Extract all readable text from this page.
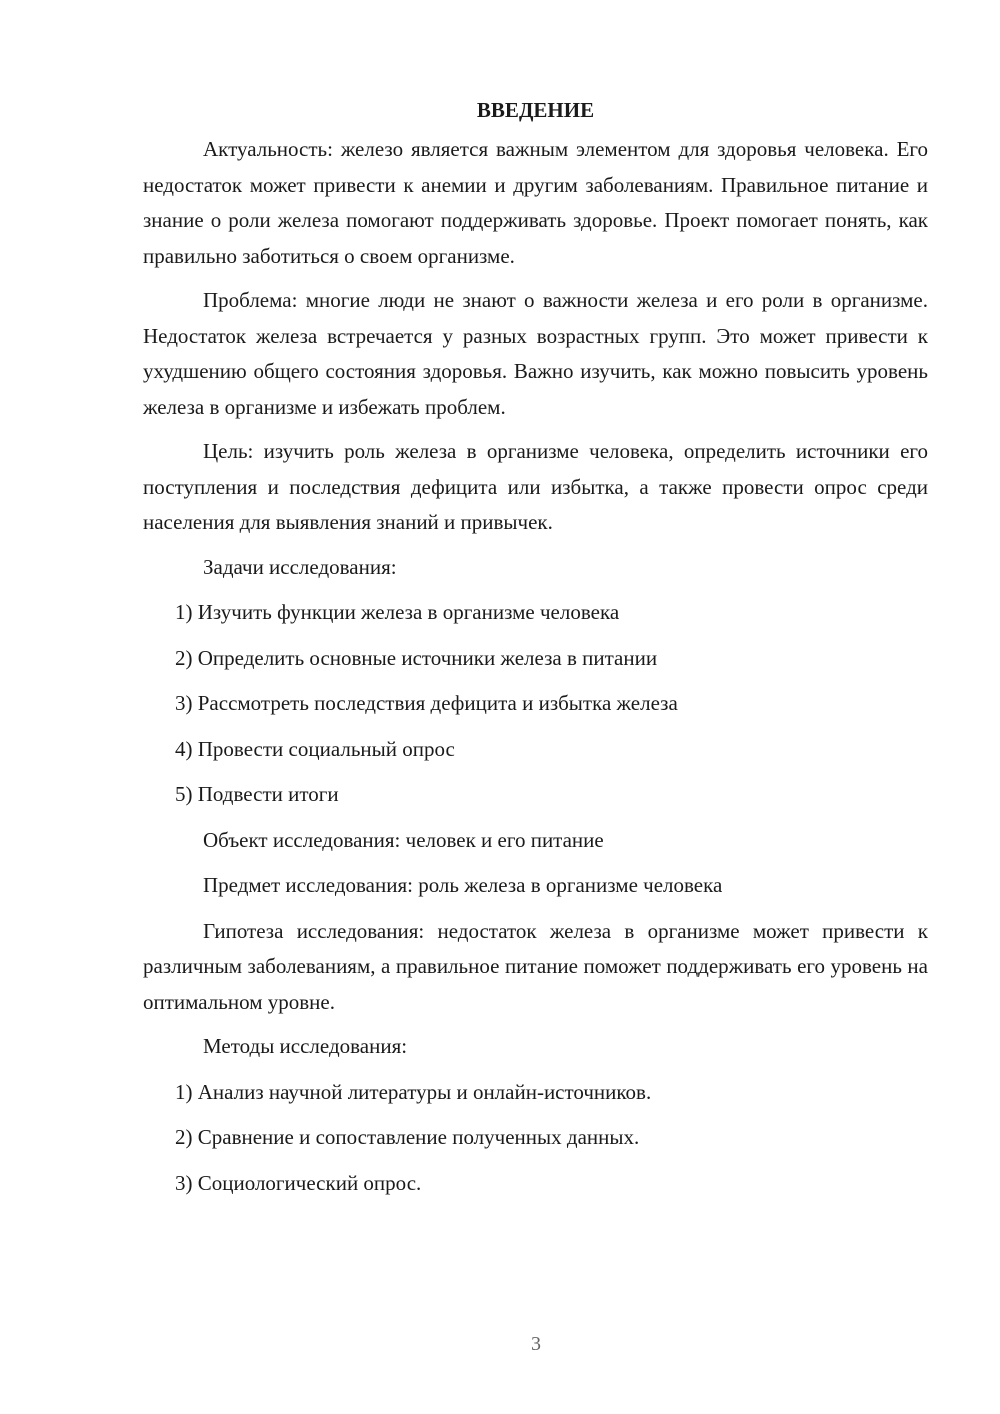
ВВЕДЕНИЕ

Актуальность: железо является важным элементом для здоровья человека. Его недостаток может привести к анемии и другим заболеваниям. Правильное питание и знание о роли железа помогают поддерживать здоровье. Проект помогает понять, как правильно заботиться о своем организме.

Проблема: многие люди не знают о важности железа и его роли в организме. Недостаток железа встречается у разных возрастных групп. Это может привести к ухудшению общего состояния здоровья. Важно изучить, как можно повысить уровень железа в организме и избежать проблем.

Цель: изучить роль железа в организме человека, определить источники его поступления и последствия дефицита или избытка, а также провести опрос среди населения для выявления знаний и привычек.

Задачи исследования:
1) Изучить функции железа в организме человека
2) Определить основные источники железа в питании
3) Рассмотреть последствия дефицита и избытка железа
4) Провести социальный опрос
5) Подвести итоги
Объект исследования: человек и его питание
Предмет исследования: роль железа в организме человека

Гипотеза исследования: недостаток железа в организме может привести к различным заболеваниям, а правильное питание поможет поддерживать его уровень на оптимальном уровне.

Методы исследования:
1) Анализ научной литературы и онлайн-источников.
2) Сравнение и сопоставление полученных данных.
3) Социологический опрос.
3
